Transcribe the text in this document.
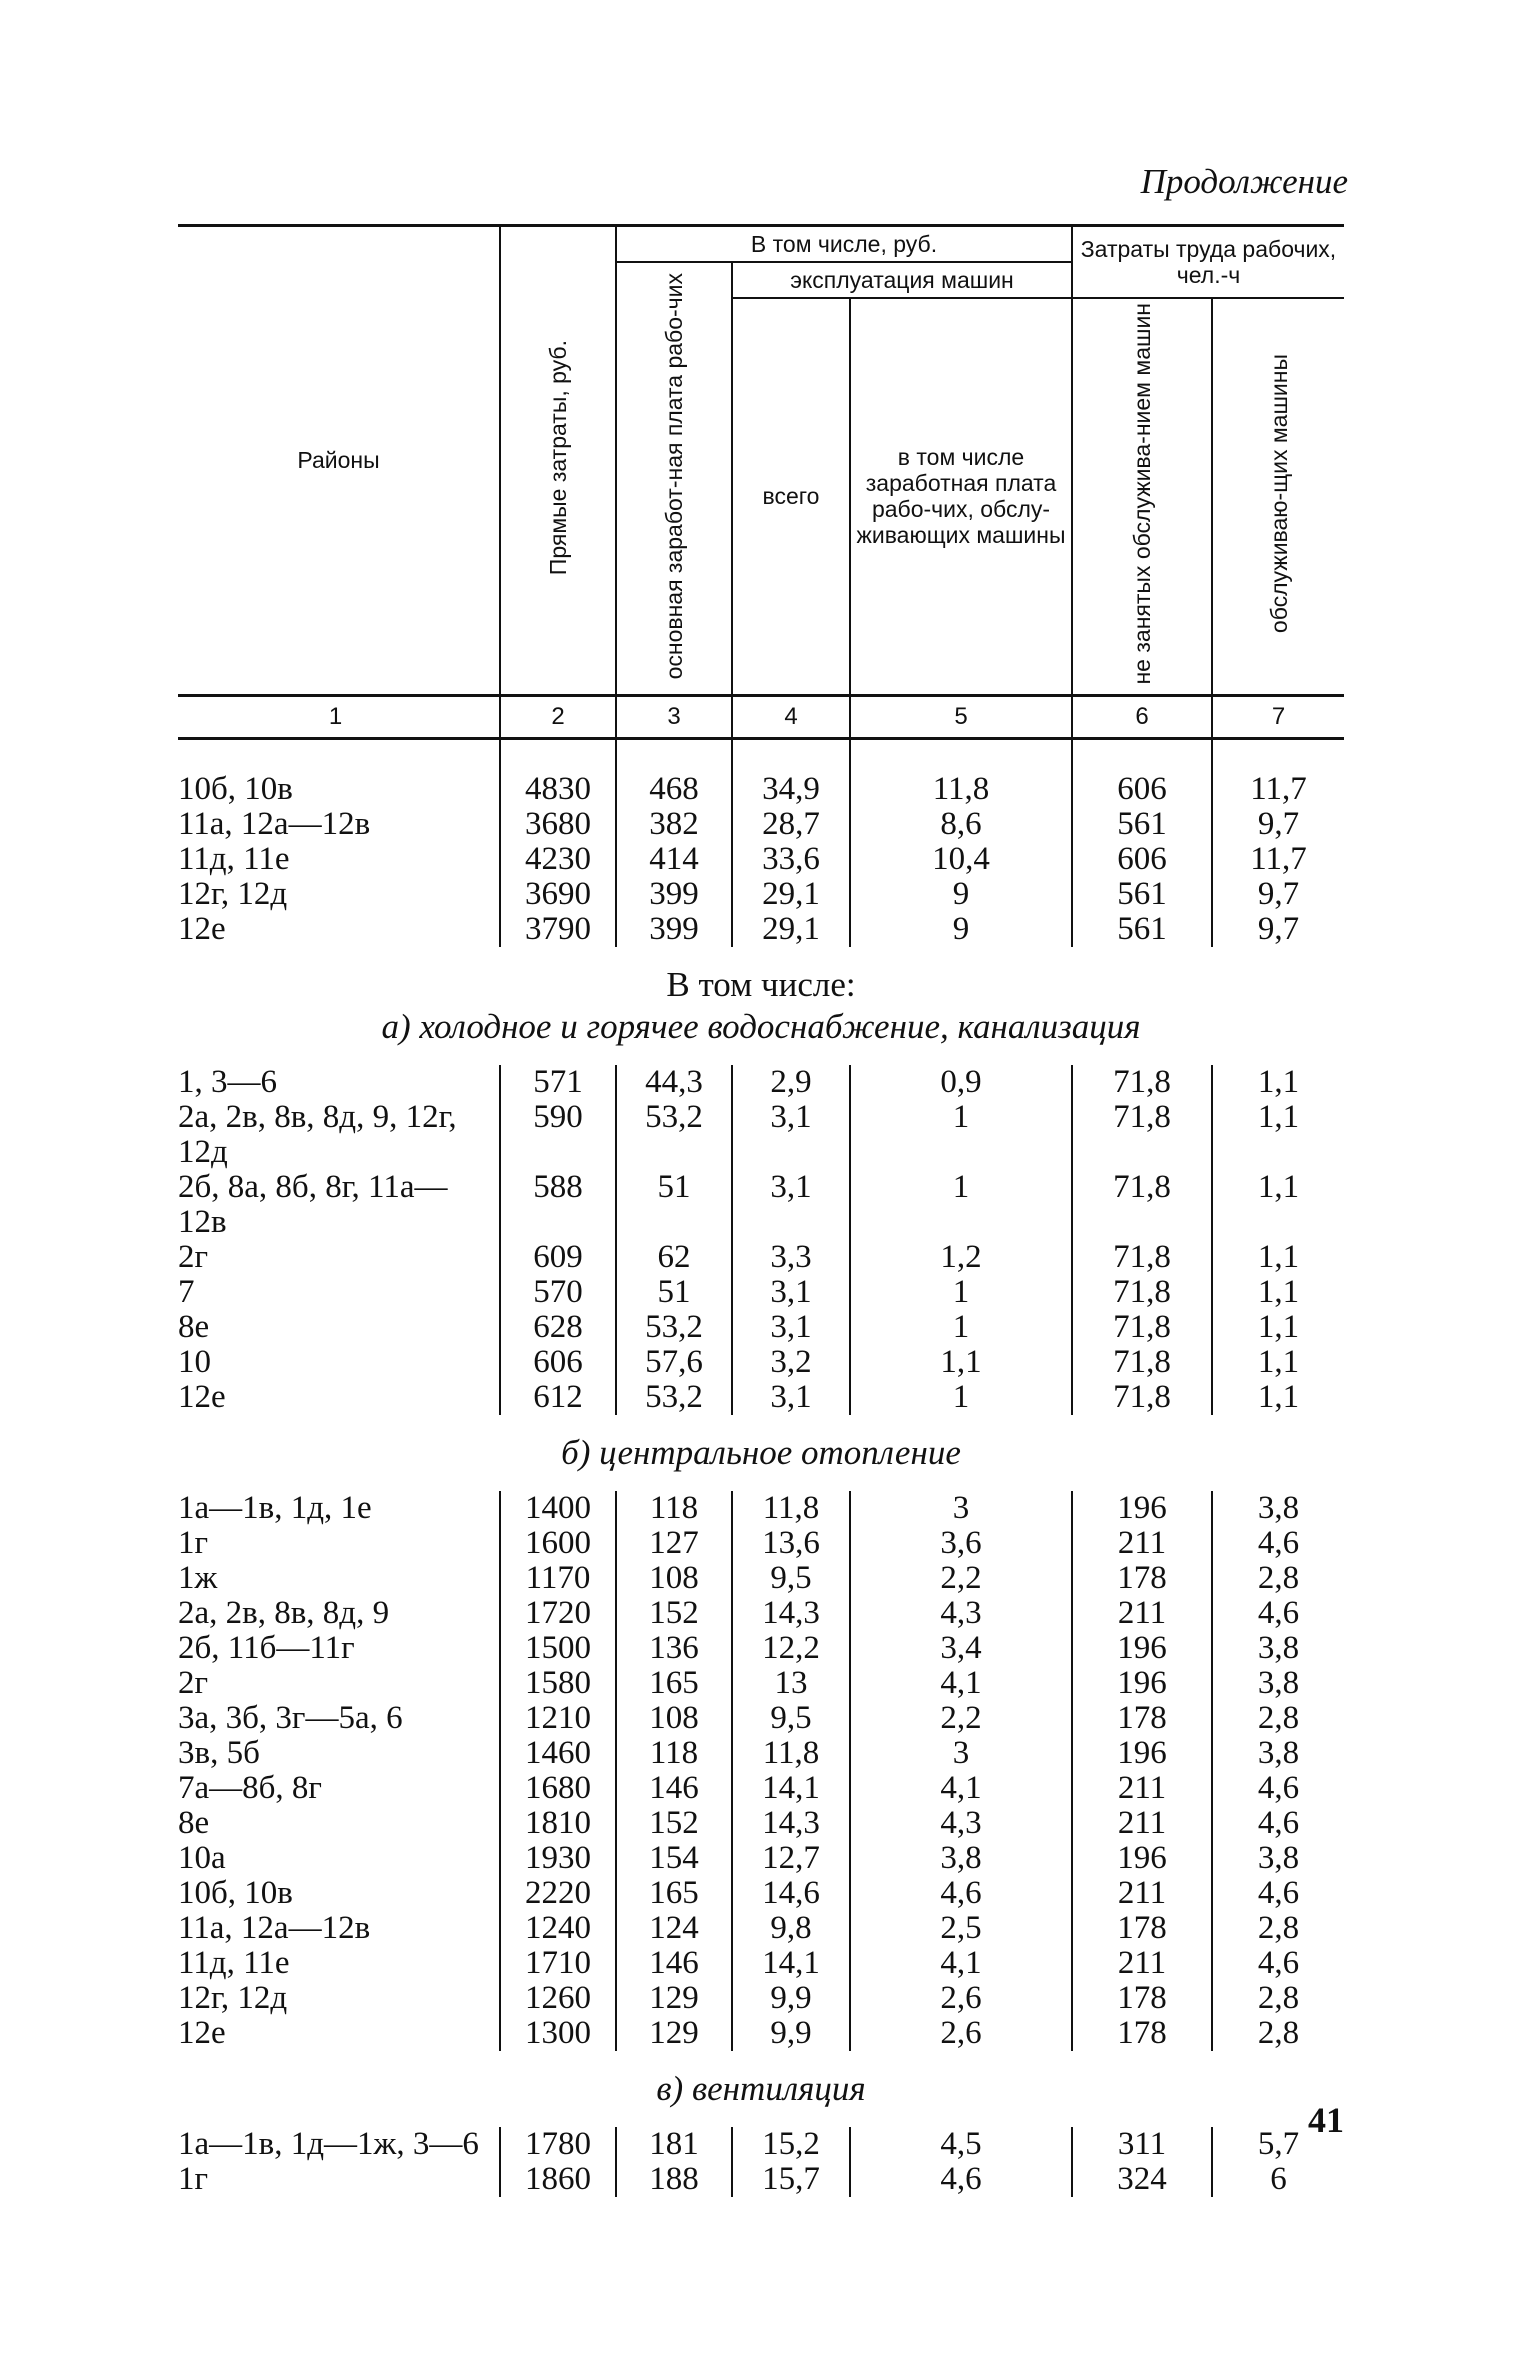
Продолжение
Районы	Прямые затраты, руб.	В том числе, руб.			Затраты труда рабочих, чел.-ч	
		основная заработ-ная плата рабо-чих	эксплуатация машин			
			всего	в том числе заработная плата рабо-чих, обслу-живающих машины	не занятых обслужива-нием машин	обслуживаю-щих машины
1	2	3	4	5	6	7

10б, 10в	4830	468	34,9	11,8	606	11,7
11а, 12а—12в	3680	382	28,7	8,6	561	9,7
11д, 11е	4230	414	33,6	10,4	606	11,7
12г, 12д	3690	399	29,1	9	561	9,7
12е	3790	399	29,1	9	561	9,7
В том числе:						
а) холодное и горячее водоснабжение, канализация						
1, 3—6	571	44,3	2,9	0,9	71,8	1,1
2а, 2в, 8в, 8д, 9, 12г, 12д	590	53,2	3,1	1	71,8	1,1
2б, 8а, 8б, 8г, 11а—12в	588	51	3,1	1	71,8	1,1
2г	609	62	3,3	1,2	71,8	1,1
7	570	51	3,1	1	71,8	1,1
8е	628	53,2	3,1	1	71,8	1,1
10	606	57,6	3,2	1,1	71,8	1,1
12е	612	53,2	3,1	1	71,8	1,1
б) центральное отопление						
1а—1в, 1д, 1е	1400	118	11,8	3	196	3,8
1г	1600	127	13,6	3,6	211	4,6
1ж	1170	108	9,5	2,2	178	2,8
2а, 2в, 8в, 8д, 9	1720	152	14,3	4,3	211	4,6
2б, 11б—11г	1500	136	12,2	3,4	196	3,8
2г	1580	165	13	4,1	196	3,8
3а, 3б, 3г—5а, 6	1210	108	9,5	2,2	178	2,8
3в, 5б	1460	118	11,8	3	196	3,8
7а—8б, 8г	1680	146	14,1	4,1	211	4,6
8е	1810	152	14,3	4,3	211	4,6
10а	1930	154	12,7	3,8	196	3,8
10б, 10в	2220	165	14,6	4,6	211	4,6
11а, 12а—12в	1240	124	9,8	2,5	178	2,8
11д, 11е	1710	146	14,1	4,1	211	4,6
12г, 12д	1260	129	9,9	2,6	178	2,8
12е	1300	129	9,9	2,6	178	2,8
в) вентиляция						
1а—1в, 1д—1ж, 3—6	1780	181	15,2	4,5	311	5,7
1г	1860	188	15,7	4,6	324	6
41
